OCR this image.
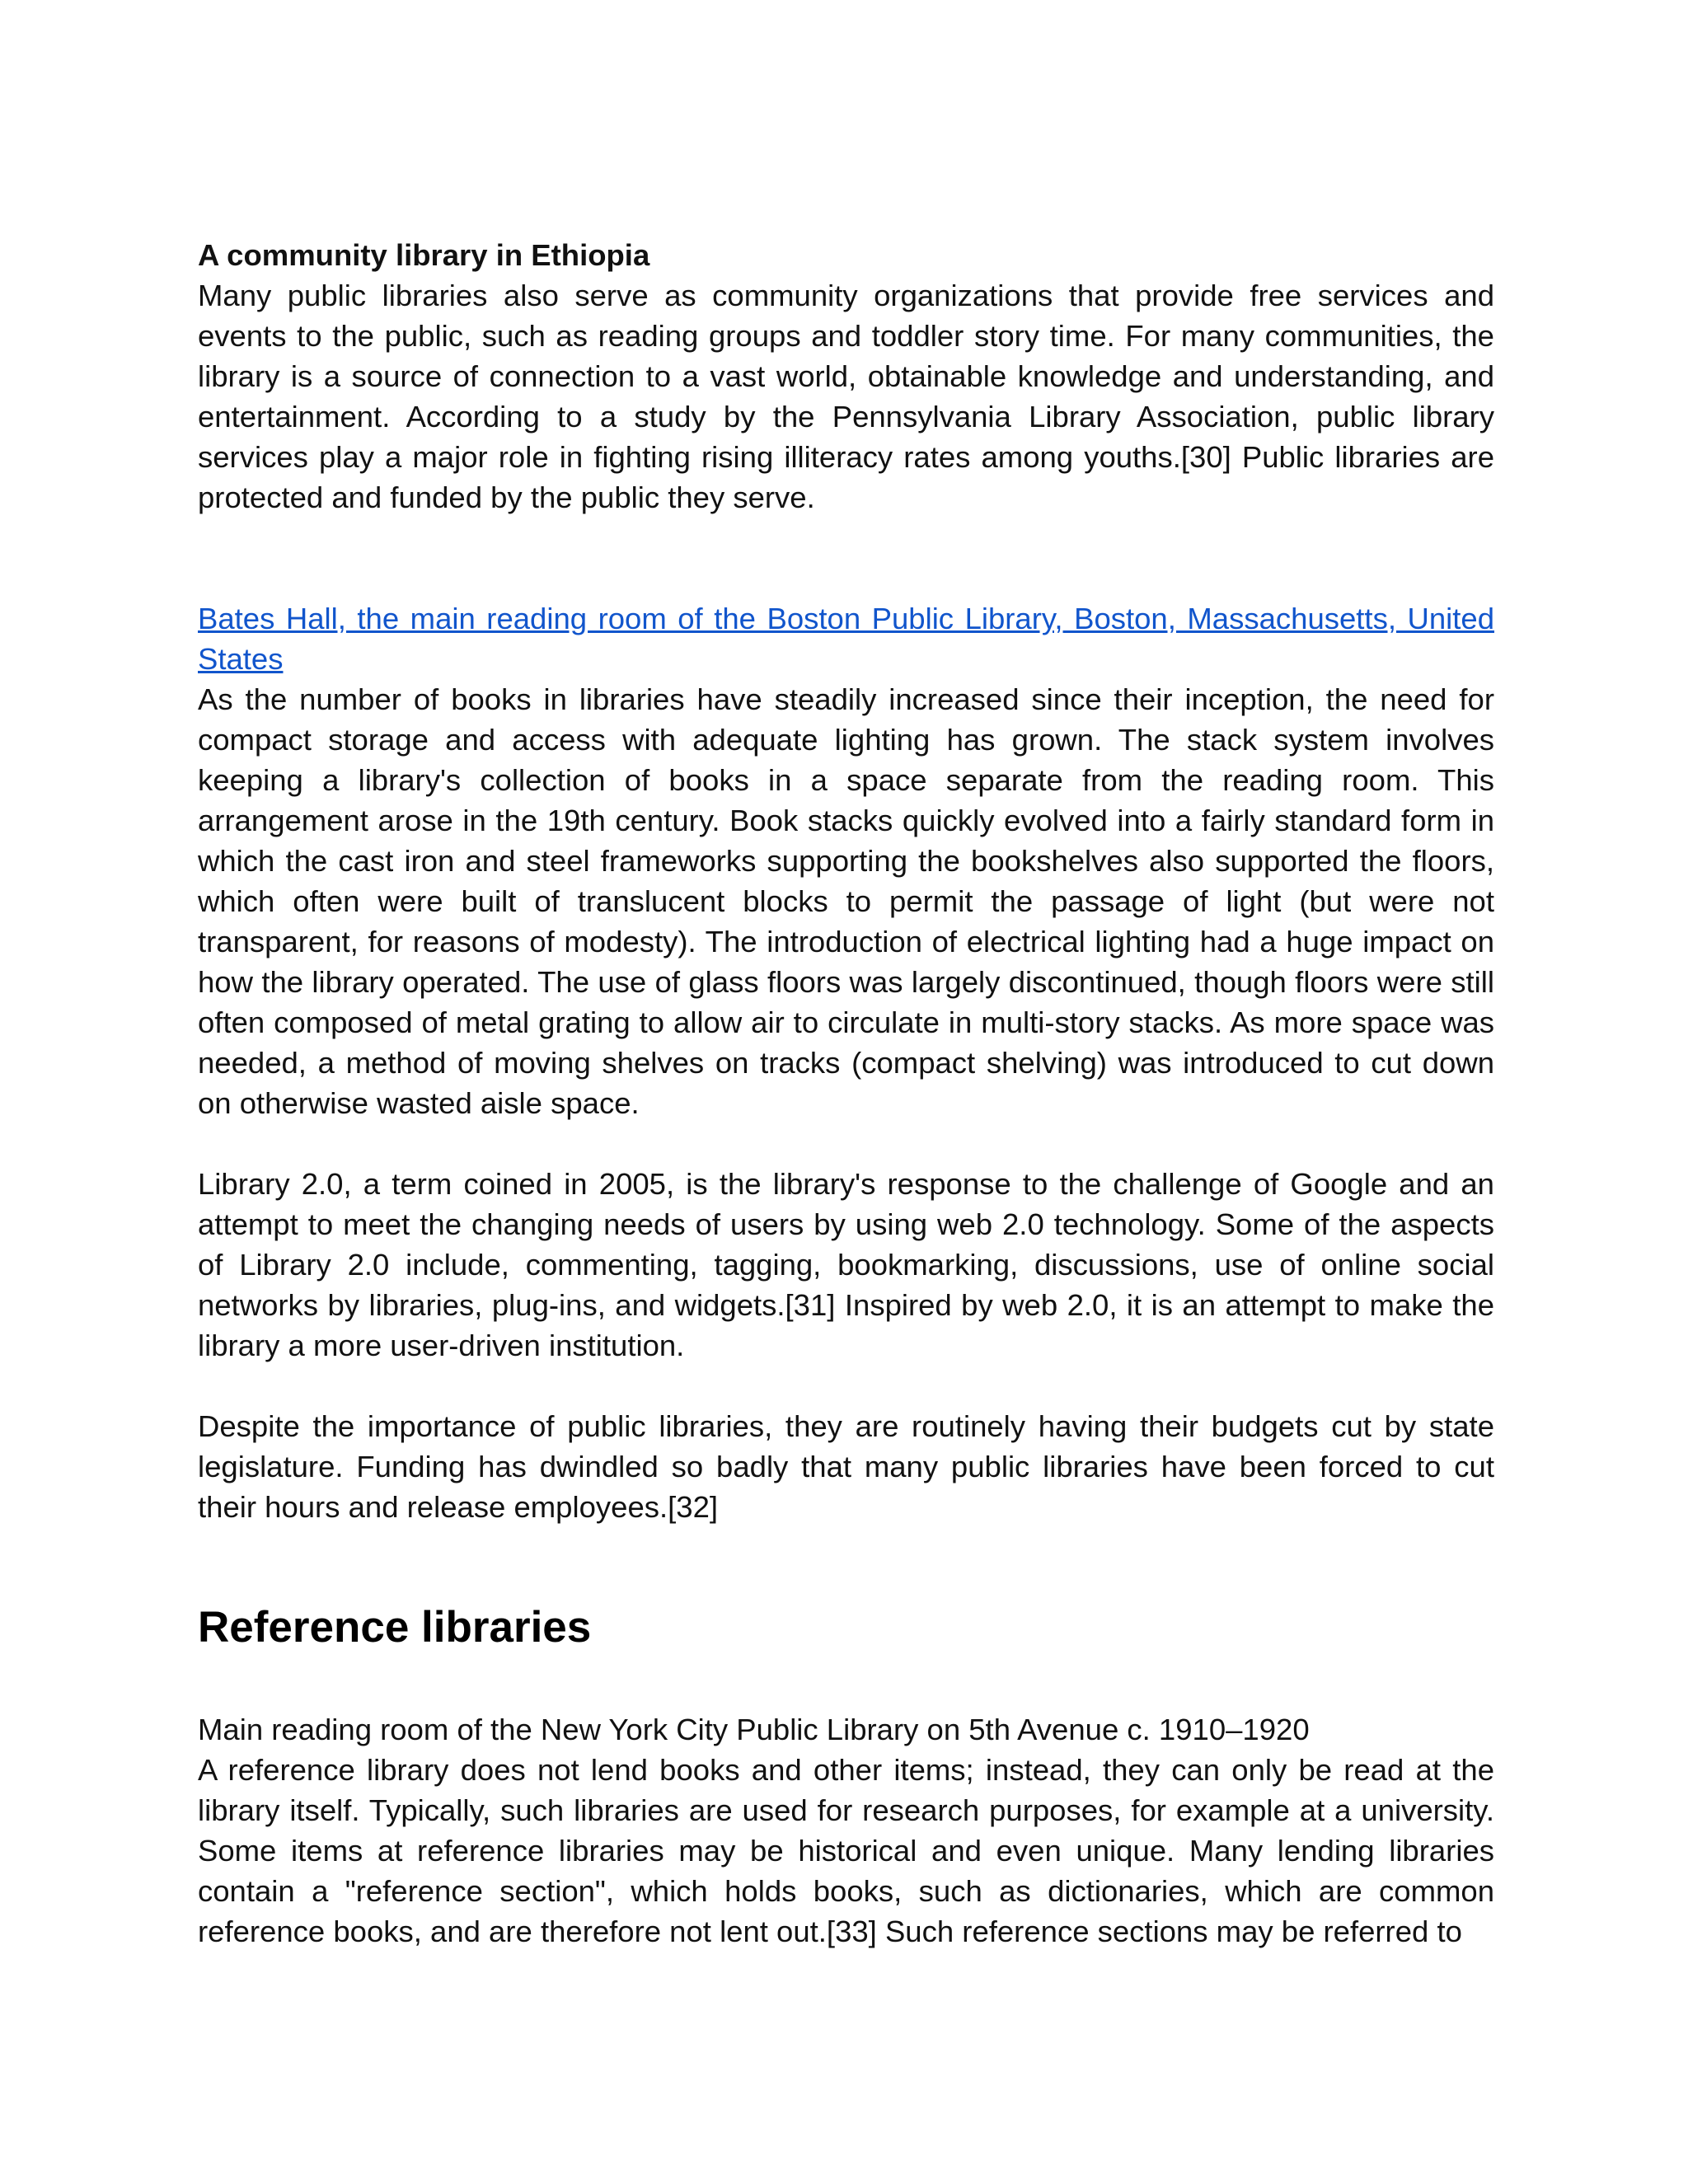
A community library in Ethiopia

Many public libraries also serve as community organizations that provide free services and events to the public, such as reading groups and toddler story time. For many communities, the library is a source of connection to a vast world, obtainable knowledge and understanding, and entertainment. According to a study by the Pennsylvania Library Association, public library services play a major role in fighting rising illiteracy rates among youths.[30] Public libraries are protected and funded by the public they serve.

Bates Hall, the main reading room of the Boston Public Library, Boston, Massachusetts, United States

As the number of books in libraries have steadily increased since their inception, the need for compact storage and access with adequate lighting has grown. The stack system involves keeping a library's collection of books in a space separate from the reading room. This arrangement arose in the 19th century. Book stacks quickly evolved into a fairly standard form in which the cast iron and steel frameworks supporting the bookshelves also supported the floors, which often were built of translucent blocks to permit the passage of light (but were not transparent, for reasons of modesty). The introduction of electrical lighting had a huge impact on how the library operated. The use of glass floors was largely discontinued, though floors were still often composed of metal grating to allow air to circulate in multi-story stacks. As more space was needed, a method of moving shelves on tracks (compact shelving) was introduced to cut down on otherwise wasted aisle space.

Library 2.0, a term coined in 2005, is the library's response to the challenge of Google and an attempt to meet the changing needs of users by using web 2.0 technology. Some of the aspects of Library 2.0 include, commenting, tagging, bookmarking, discussions, use of online social networks by libraries, plug-ins, and widgets.[31] Inspired by web 2.0, it is an attempt to make the library a more user-driven institution.

Despite the importance of public libraries, they are routinely having their budgets cut by state legislature. Funding has dwindled so badly that many public libraries have been forced to cut their hours and release employees.[32]

Reference libraries
Main reading room of the New York City Public Library on 5th Avenue c. 1910–1920

A reference library does not lend books and other items; instead, they can only be read at the library itself. Typically, such libraries are used for research purposes, for example at a university. Some items at reference libraries may be historical and even unique. Many lending libraries contain a "reference section", which holds books, such as dictionaries, which are common reference books, and are therefore not lent out.[33] Such reference sections may be referred to
